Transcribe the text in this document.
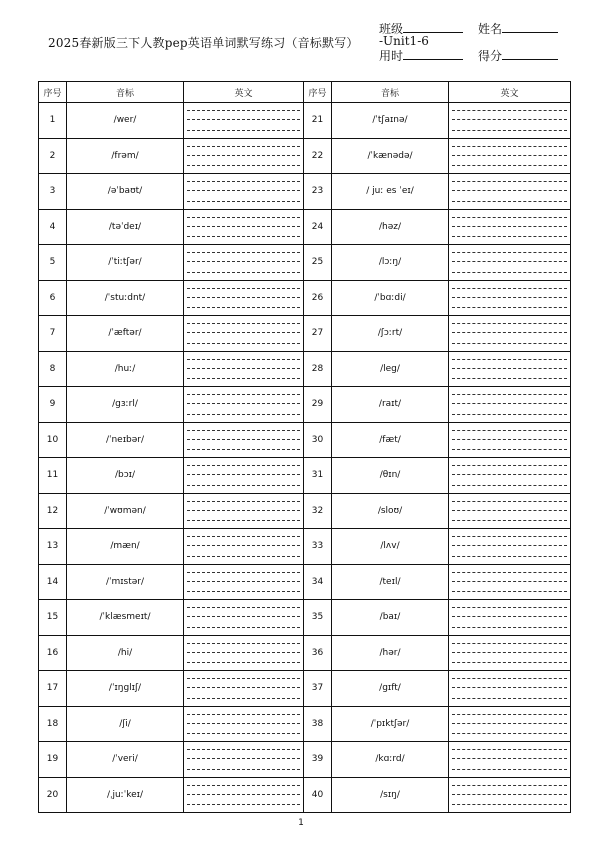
2025春新版三下人教pep英语单词默写练习（音标默写） -Unit1-6
班级	姓名
用时	得分
序号	音标	英文	序号	音标	英文
1	/wer/		21	/ˈtʃaɪnə/	

2	/frəm/		22	/ˈkænədə/	

3	/əˈbaʊt/		23	/ juː es ˈeɪ/	

4	/təˈdeɪ/		24	/həz/	

5	/ˈtiːtʃər/		25	/lɔːŋ/	

6	/ˈstuːdnt/		26	/ˈbɑːdi/	

7	/ˈæftər/		27	/ʃɔːrt/	

8	/huː/		28	/leg/	

9	/gɜːrl/		29	/raɪt/	

10	/ˈneɪbər/		30	/fæt/	

11	/bɔɪ/		31	/θɪn/	

12	/ˈwʊmən/		32	/sloʊ/	

13	/mæn/		33	/lʌv/	

14	/ˈmɪstər/		34	/teɪl/	

15	/ˈklæsmeɪt/		35	/baɪ/	

16	/hi/		36	/hər/	

17	/ˈɪŋglɪʃ/		37	/gɪft/	

18	/ʃi/		38	/ˈpɪktʃər/	

19	/ˈveri/		39	/kɑːrd/	

20	/ˌjuːˈkeɪ/		40	/sɪŋ/	
1
